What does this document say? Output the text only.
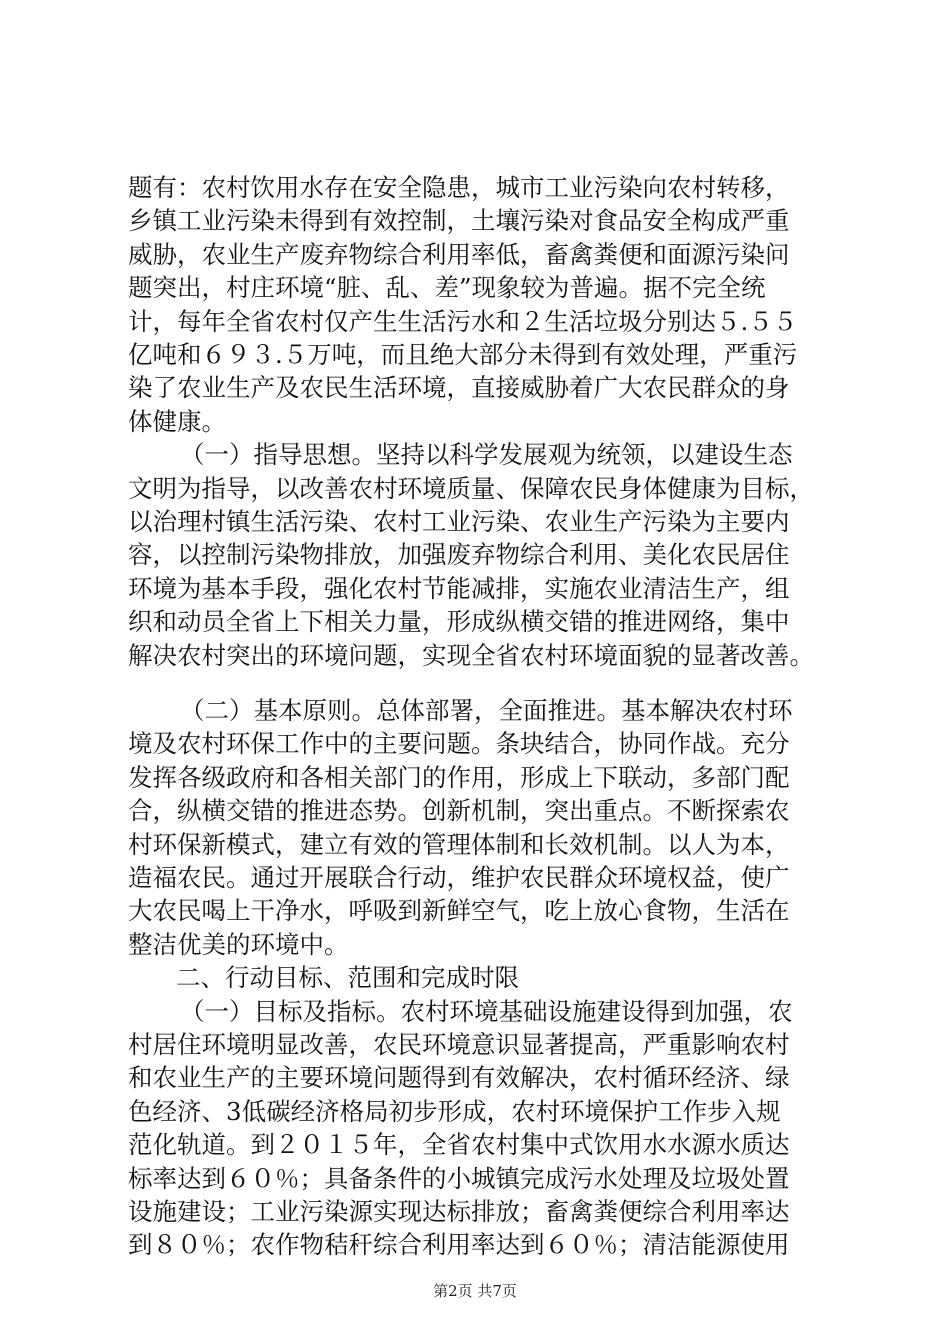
题有：农村饮用水存在安全隐患，城市工业污染向农村转移，
乡镇工业污染未得到有效控制，土壤污染对食品安全构成严重
威胁，农业生产废弃物综合利用率低，畜禽粪便和面源污染问
题突出，村庄环境“脏、乱、差”现象较为普遍。据不完全统
计，每年全省农村仅产生生活污水和２生活垃圾分别达５.５５
亿吨和６９３.５万吨，而且绝大部分未得到有效处理，严重污
染了农业生产及农民生活环境，直接威胁着广大农民群众的身
体健康。
（一）指导思想。坚持以科学发展观为统领，以建设生态
文明为指导，以改善农村环境质量、保障农民身体健康为目标，
以治理村镇生活污染、农村工业污染、农业生产污染为主要内
容，以控制污染物排放，加强废弃物综合利用、美化农民居住
环境为基本手段，强化农村节能减排，实施农业清洁生产，组
织和动员全省上下相关力量，形成纵横交错的推进网络，集中
解决农村突出的环境问题，实现全省农村环境面貌的显著改善。
（二）基本原则。总体部署，全面推进。基本解决农村环
境及农村环保工作中的主要问题。条块结合，协同作战。充分
发挥各级政府和各相关部门的作用，形成上下联动，多部门配
合，纵横交错的推进态势。创新机制，突出重点。不断探索农
村环保新模式，建立有效的管理体制和长效机制。以人为本，
造福农民。通过开展联合行动，维护农民群众环境权益，使广
大农民喝上干净水，呼吸到新鲜空气，吃上放心食物，生活在
整洁优美的环境中。
二、行动目标、范围和完成时限
（一）目标及指标。农村环境基础设施建设得到加强，农
村居住环境明显改善，农民环境意识显著提高，严重影响农村
和农业生产的主要环境问题得到有效解决，农村循环经济、绿
色经济、3低碳经济格局初步形成，农村环境保护工作步入规
范化轨道。到２０１５年，全省农村集中式饮用水水源水质达
标率达到６０％；具备条件的小城镇完成污水处理及垃圾处置
设施建设；工业污染源实现达标排放；畜禽粪便综合利用率达
到８０％；农作物秸秆综合利用率达到６０％；清洁能源使用
第2页 共7页
